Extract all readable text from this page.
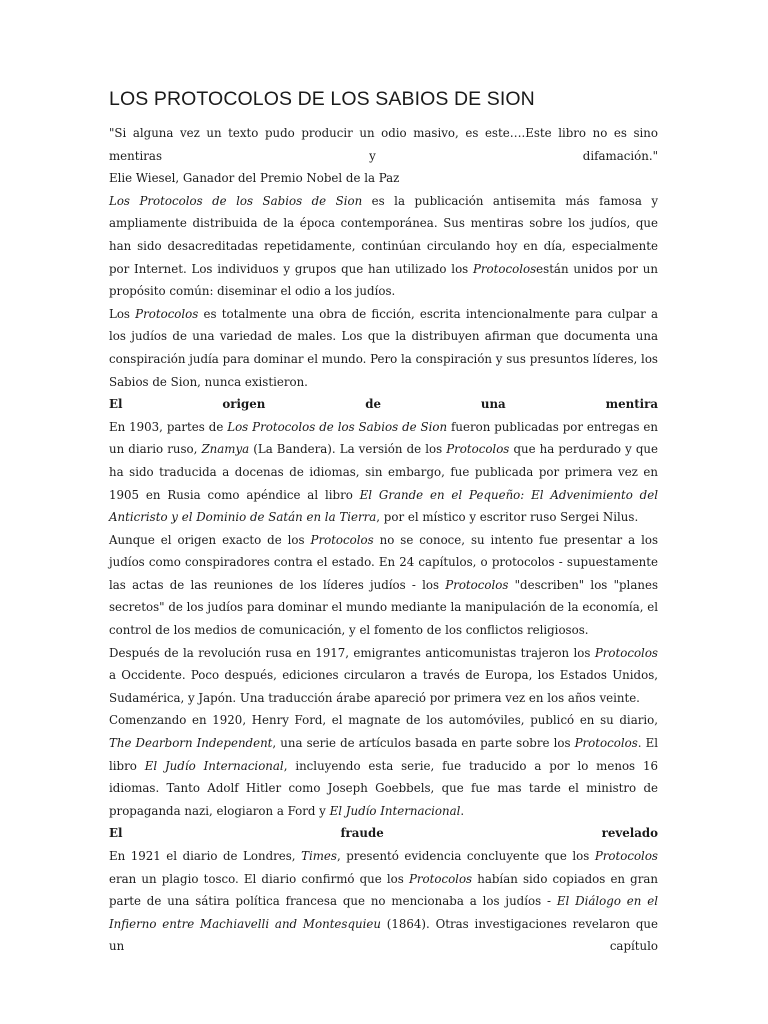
LOS PROTOCOLOS DE LOS SABIOS DE SION

"Si alguna vez un texto pudo producir un odio masivo, es este….Este libro no es sino mentiras y difamación."

Elie Wiesel, Ganador del Premio Nobel de la Paz

Los Protocolos de los Sabios de Sion es la publicación antisemita más famosa y ampliamente distribuida de la época contemporánea. Sus mentiras sobre los judíos, que han sido desacreditadas repetidamente, continúan circulando hoy en día, especialmente por Internet. Los individuos y grupos que han utilizado los Protocolosestán unidos por un propósito común: diseminar el odio a los judíos.

Los Protocolos es totalmente una obra de ficción, escrita intencionalmente para culpar a los judíos de una variedad de males. Los que la distribuyen afirman que documenta una conspiración judía para dominar el mundo. Pero la conspiración y sus presuntos líderes, los Sabios de Sion, nunca existieron.

El origen de una mentira

En 1903, partes de Los Protocolos de los Sabios de Sion fueron publicadas por entregas en un diario ruso, Znamya (La Bandera). La versión de los Protocolos que ha perdurado y que ha sido traducida a docenas de idiomas, sin embargo, fue publicada por primera vez en 1905 en Rusia como apéndice al libro El Grande en el Pequeño: El Advenimiento del Anticristo y el Dominio de Satán en la Tierra, por el místico y escritor ruso Sergei Nilus.

Aunque el origen exacto de los Protocolos no se conoce, su intento fue presentar a los judíos como conspiradores contra el estado. En 24 capítulos, o protocolos - supuestamente las actas de las reuniones de los líderes judíos - los Protocolos "describen" los "planes secretos" de los judíos para dominar el mundo mediante la manipulación de la economía, el control de los medios de comunicación, y el fomento de los conflictos religiosos.

Después de la revolución rusa en 1917, emigrantes anticomunistas trajeron los Protocolos a Occidente. Poco después, ediciones circularon a través de Europa, los Estados Unidos, Sudamérica, y Japón. Una traducción árabe apareció por primera vez en los años veinte.

Comenzando en 1920, Henry Ford, el magnate de los automóviles, publicó en su diario, The Dearborn Independent, una serie de artículos basada en parte sobre los Protocolos. El libro El Judío Internacional, incluyendo esta serie, fue traducido a por lo menos 16 idiomas. Tanto Adolf Hitler como Joseph Goebbels, que fue mas tarde el ministro de propaganda nazi, elogiaron a Ford y El Judío Internacional.

El fraude revelado

En 1921 el diario de Londres, Times, presentó evidencia concluyente que los Protocolos eran un plagio tosco. El diario confirmó que los Protocolos habían sido copiados en gran parte de una sátira política francesa que no mencionaba a los judíos - El Diálogo en el Infierno entre Machiavelli and Montesquieu (1864). Otras investigaciones revelaron que un capítulo
